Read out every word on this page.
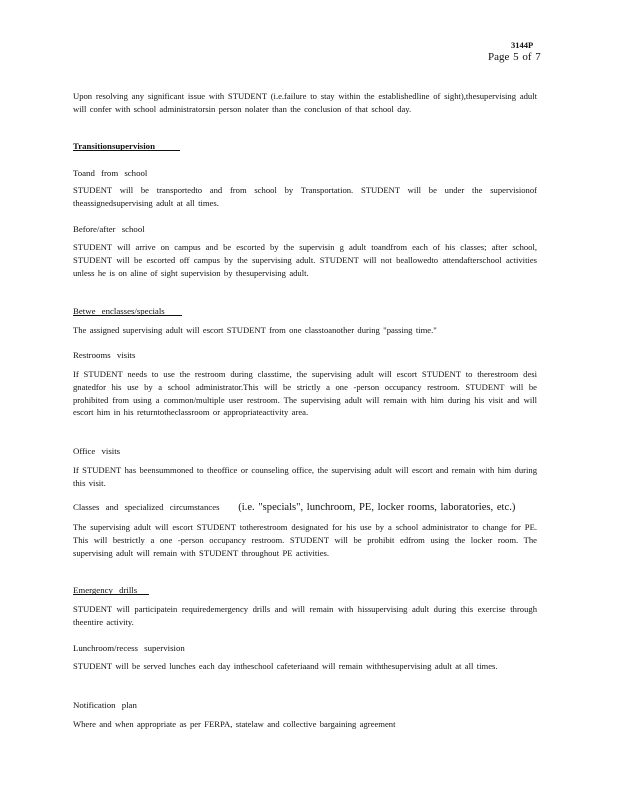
3144P
Page 5 of 7
Upon resolving any significant issue with STUDENT (i.e.failure to stay within the establishedline of sight),thesupervising adult will confer with school administratorsin person nolater than the conclusion of that school day.
Transitionsupervision
Toand from school
STUDENT will be transportedto and from school by Transportation. STUDENT will be under the supervisionof theassignedsupervising adult at all times.
Before/after school
STUDENT will arrive on campus and be escorted by the supervisin g adult toandfrom each of his classes; after school, STUDENT will be escorted off campus by the supervising adult. STUDENT will not beallowedto attendafterschool activities unless he is on aline of sight supervision by thesupervising adult.
Betwe enclasses/specials
The assigned supervising adult will escort STUDENT from one classtoanother during "passing time."
Restrooms visits
If STUDENT needs to use the restroom during classtime, the supervising adult will escort STUDENT to therestroom desi gnatedfor his use by a school administrator.This will be strictly a one -person occupancy restroom. STUDENT will be prohibited from using a common/multiple user restroom. The supervising adult will remain with him during his visit and will escort him in his returntotheclassroom or appropriateactivity area.
Office visits
If STUDENT has beensummoned to theoffice or counseling office, the supervising adult will escort and remain with him during this visit.
Classes and specialized circumstances (i.e. "specials", lunchroom, PE, locker rooms, laboratories, etc.)
The supervising adult will escort STUDENT totherestroom designated for his use by a school administrator to change for PE. This will bestrictly a one -person occupancy restroom. STUDENT will be prohibit edfrom using the locker room. The supervising adult will remain with STUDENT throughout PE activities.
Emergency drills
STUDENT will participatein requiredemergency drills and will remain with hissupervising adult during this exercise through theentire activity.
Lunchroom/recess supervision
STUDENT will be served lunches each day intheschool cafeteriaand will remain withthesupervising adult at all times.
Notification plan
Where and when appropriate as per FERPA, statelaw and collective bargaining agreement
